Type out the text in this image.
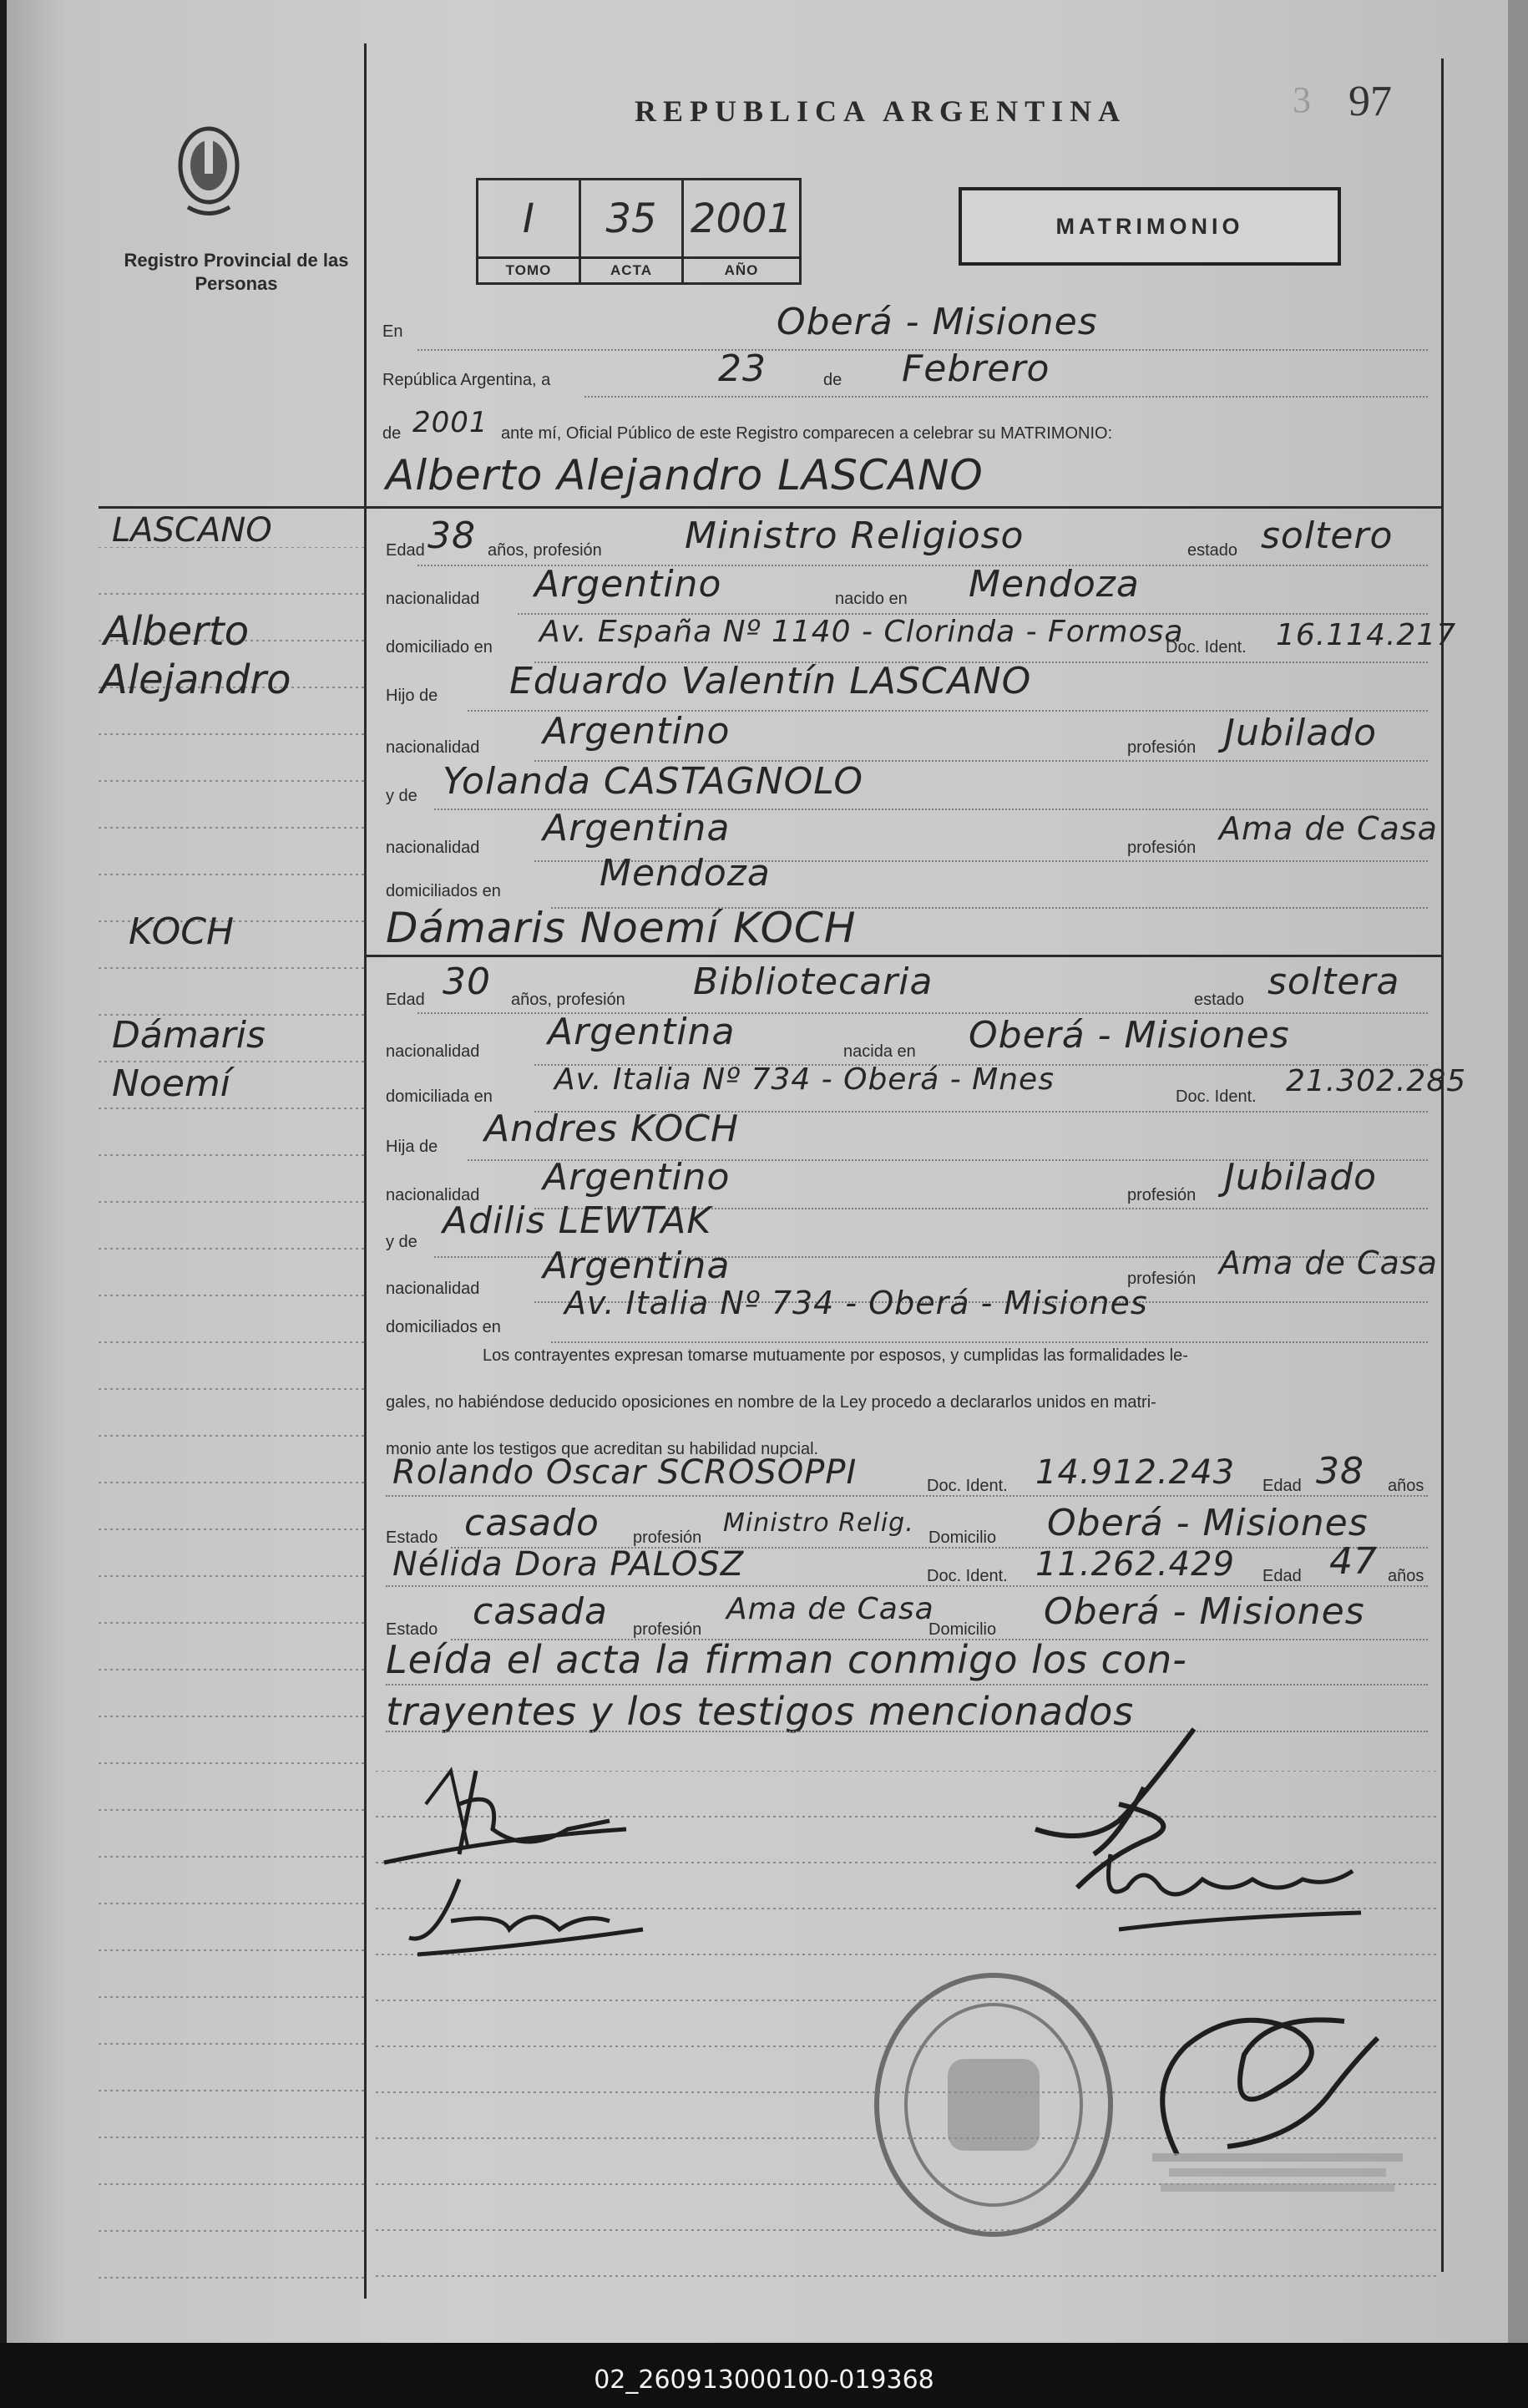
Registro Provincial de las Personas
REPUBLICA ARGENTINA	3 97
I
TOMO
35
ACTA
2001
AÑO
MATRIMONIO
En	Oberá - Misiones
República Argentina, a	23	de Febrero
de 2001 ante mí, Oficial Público de este Registro comparecen a celebrar su MATRIMONIO:
Alberto Alejandro LASCANO
LASCANO
Alberto
Alejandro
Edad 38 años, profesión Ministro Religioso	estado soltero
nacionalidad Argentino	nacido en Mendoza
domiciliado en Av. España Nº 1140 - Clorinda - Formosa
Doc. Ident. 16.114.217
Hijo de Eduardo Valentín LASCANO
nacionalidad Argentino	profesión Jubilado
y de Yolanda CASTAGNOLO
nacionalidad Argentina	profesión
Ama de Casa
domiciliados en	Mendoza
Dámaris Noemí KOCH
KOCH
Dámaris
Noemí
Edad 30 años, profesión Bibliotecaria	estado soltera
nacionalidad Argentina	nacida en Oberá - Misiones
domiciliada en Av. Italia Nº 734 - Oberá - Mnes	Doc. Ident. 21.302.285
Hija de Andres KOCH
nacionalidad Argentino	profesión Jubilado
y de Adilis LEWTAK
nacionalidad
Argentina	profesión Ama de Casa
domiciliados en
Av. Italia Nº 734 - Oberá - Misiones
Los contrayentes expresan tomarse mutuamente por esposos, y cumplidas las formalidades le-
gales, no habiéndose deducido oposiciones en nombre de la Ley procedo a declararlos unidos en matri-
monio ante los testigos que acreditan su habilidad nupcial.
Rolando Oscar SCROSOPPI	Doc. Ident. 14.912.243 Edad 38 años
Estado casado profesión Ministro Relig. Domicilio Oberá - Misiones
Nélida Dora PALOSZ	Doc. Ident. 11.262.429 Edad 47 años
Estado casada profesión
Ama de Casa
Domicilio Oberá - Misiones
Leída el acta la firman conmigo los con-
trayentes y los testigos mencionados
02_260913000100-019368
